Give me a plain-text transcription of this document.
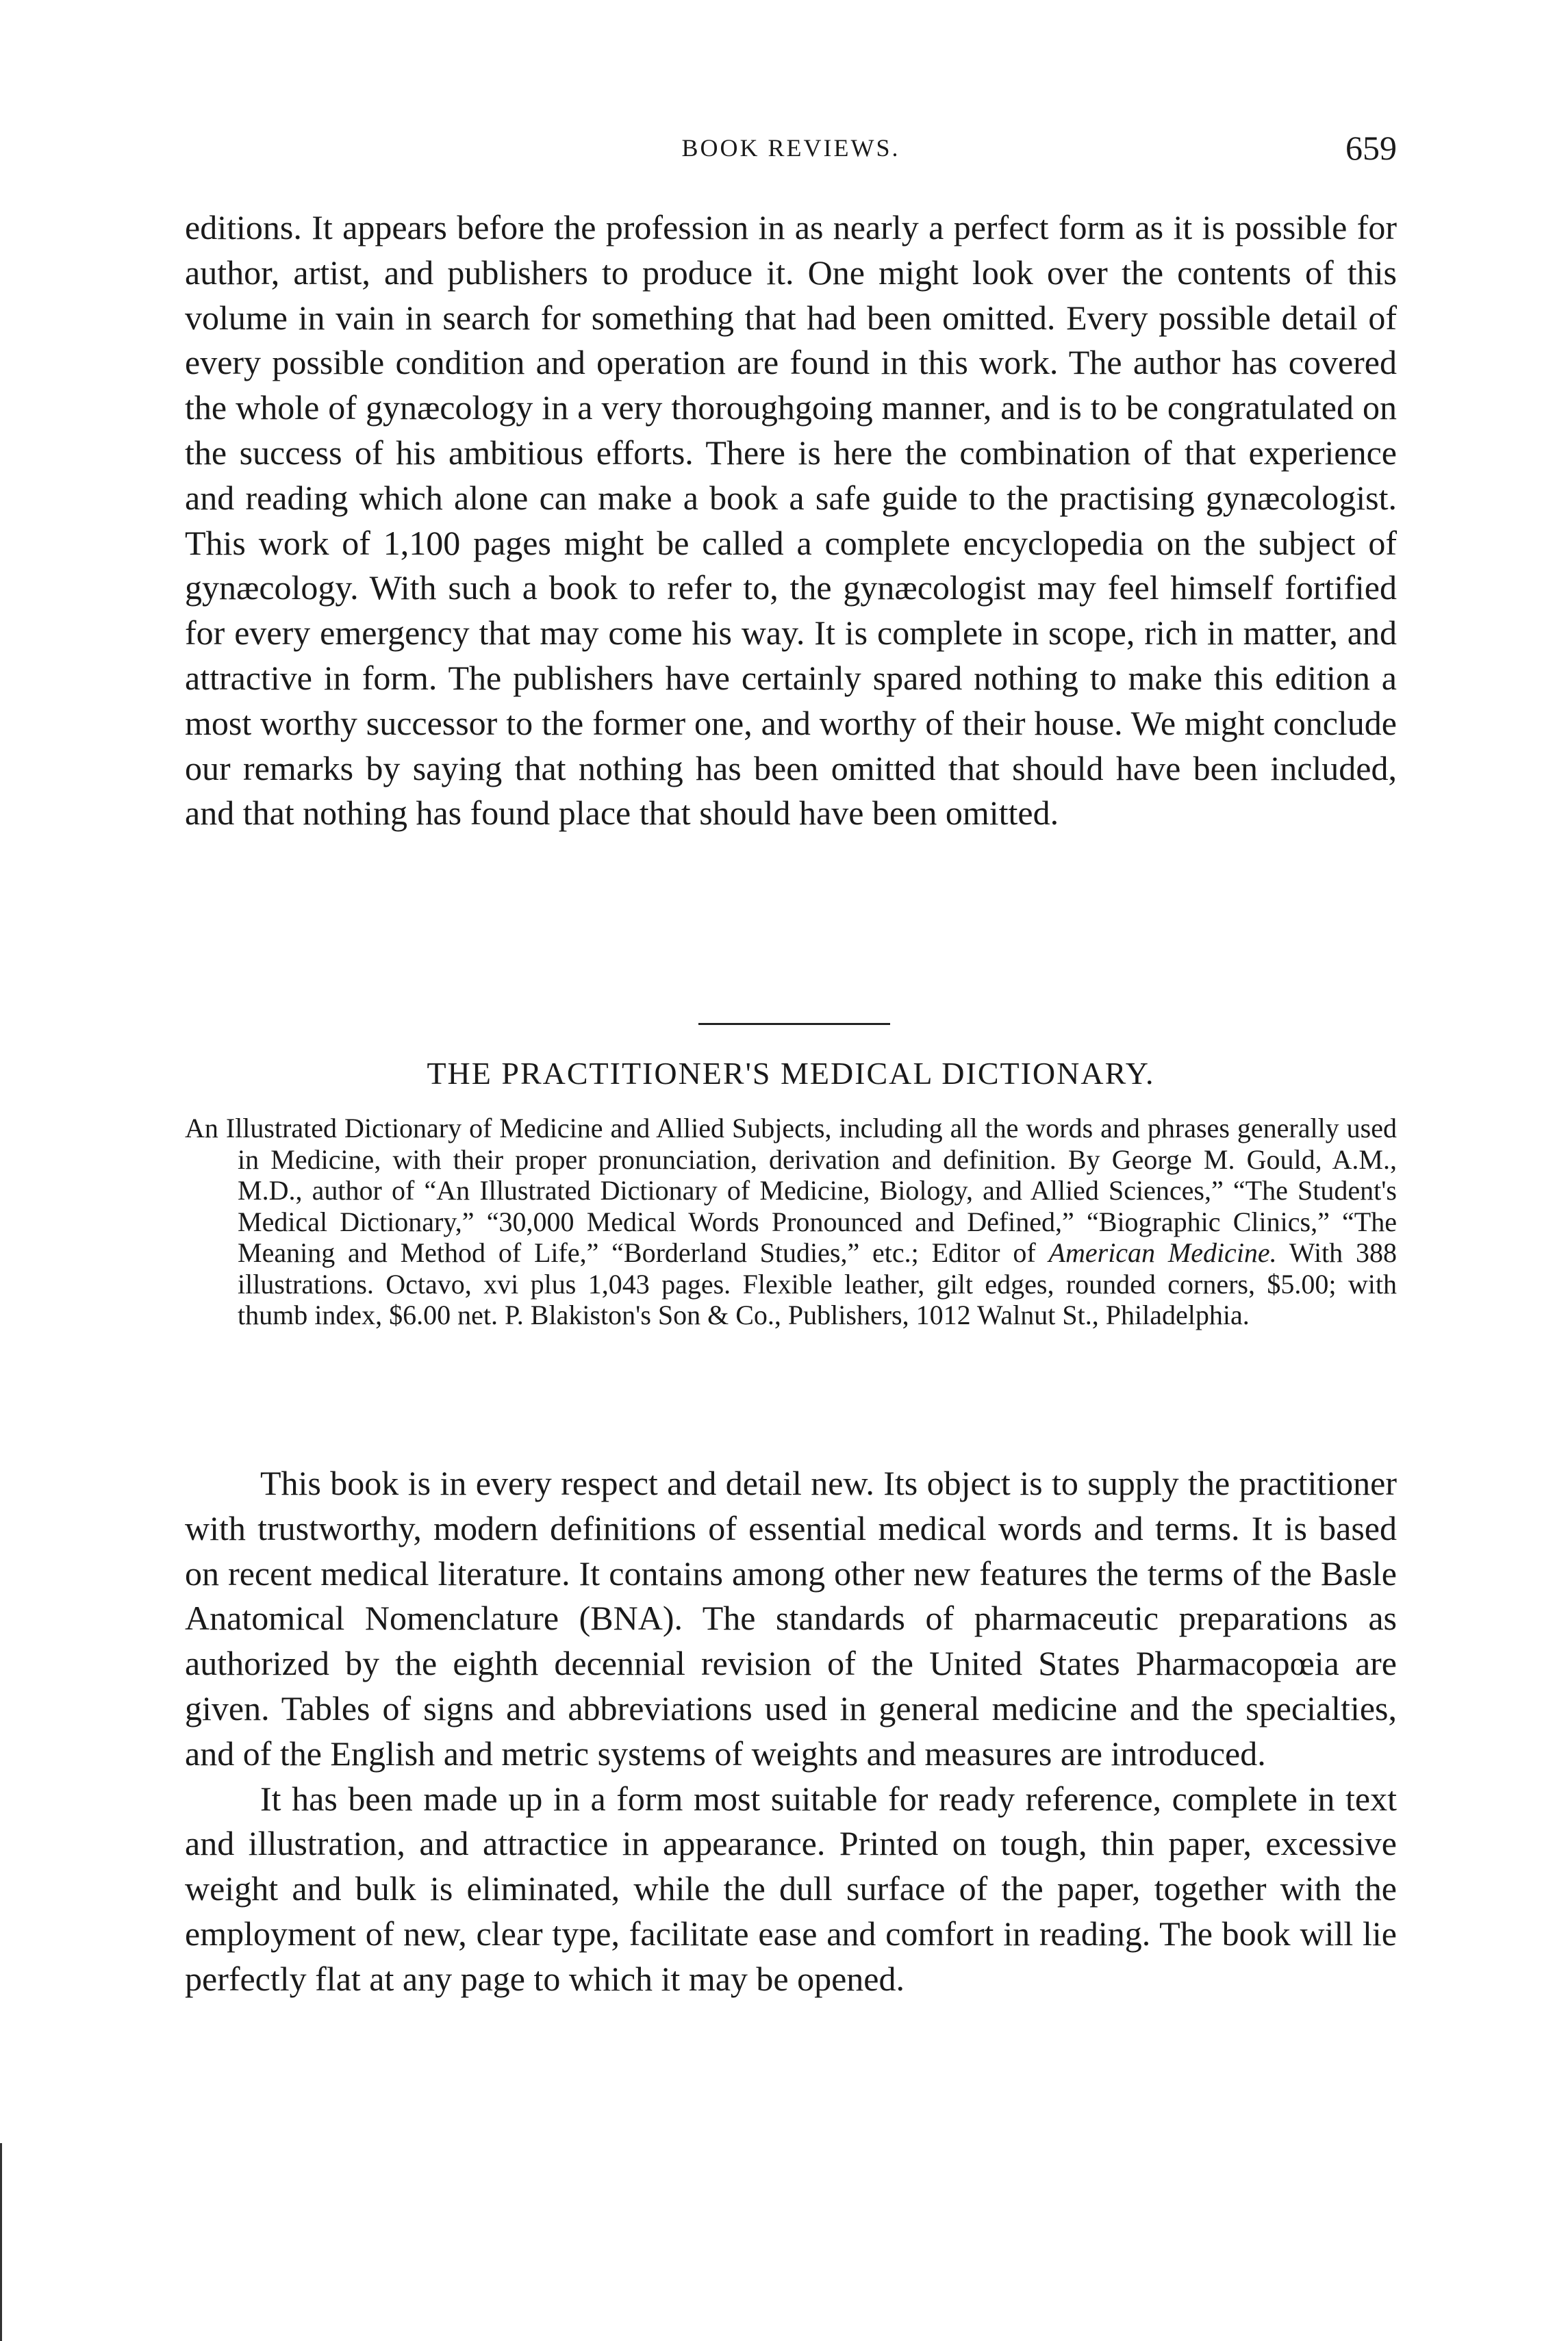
BOOK REVIEWS.	659

editions. It appears before the profession in as nearly a perfect form as it is possible for author, artist, and publishers to produce it. One might look over the contents of this volume in vain in search for something that had been omitted. Every possible detail of every possible condition and operation are found in this work. The author has covered the whole of gynæcology in a very thoroughgoing manner, and is to be congratulated on the success of his ambitious efforts. There is here the combination of that experience and reading which alone can make a book a safe guide to the practising gynæcologist. This work of 1,100 pages might be called a complete encyclopedia on the subject of gynæcology. With such a book to refer to, the gynæcologist may feel himself fortified for every emergency that may come his way. It is complete in scope, rich in matter, and attractive in form. The publishers have certainly spared nothing to make this edition a most worthy successor to the former one, and worthy of their house. We might conclude our remarks by saying that nothing has been omitted that should have been included, and that nothing has found place that should have been omitted.

THE PRACTITIONER'S MEDICAL DICTIONARY.
An Illustrated Dictionary of Medicine and Allied Subjects, including all the words and phrases generally used in Medicine, with their proper pronunciation, derivation and definition. By George M. Gould, A.M., M.D., author of “An Illustrated Dictionary of Medicine, Biology, and Allied Sciences,” “The Student's Medical Dictionary,” “30,000 Medical Words Pronounced and Defined,” “Biographic Clinics,” “The Meaning and Method of Life,” “Borderland Studies,” etc.; Editor of American Medicine. With 388 illustrations. Octavo, xvi plus 1,043 pages. Flexible leather, gilt edges, rounded corners, $5.00; with thumb index, $6.00 net. P. Blakiston's Son & Co., Publishers, 1012 Walnut St., Philadelphia.

This book is in every respect and detail new. Its object is to supply the practitioner with trustworthy, modern definitions of essential medical words and terms. It is based on recent medical literature. It contains among other new features the terms of the Basle Anatomical Nomenclature (BNA). The standards of pharmaceutic preparations as authorized by the eighth decennial revision of the United States Pharmacopœia are given. Tables of signs and abbreviations used in general medicine and the specialties, and of the English and metric systems of weights and measures are introduced.

It has been made up in a form most suitable for ready reference, complete in text and illustration, and attractice in appearance. Printed on tough, thin paper, excessive weight and bulk is eliminated, while the dull surface of the paper, together with the employment of new, clear type, facilitate ease and comfort in reading. The book will lie perfectly flat at any page to which it may be opened.
